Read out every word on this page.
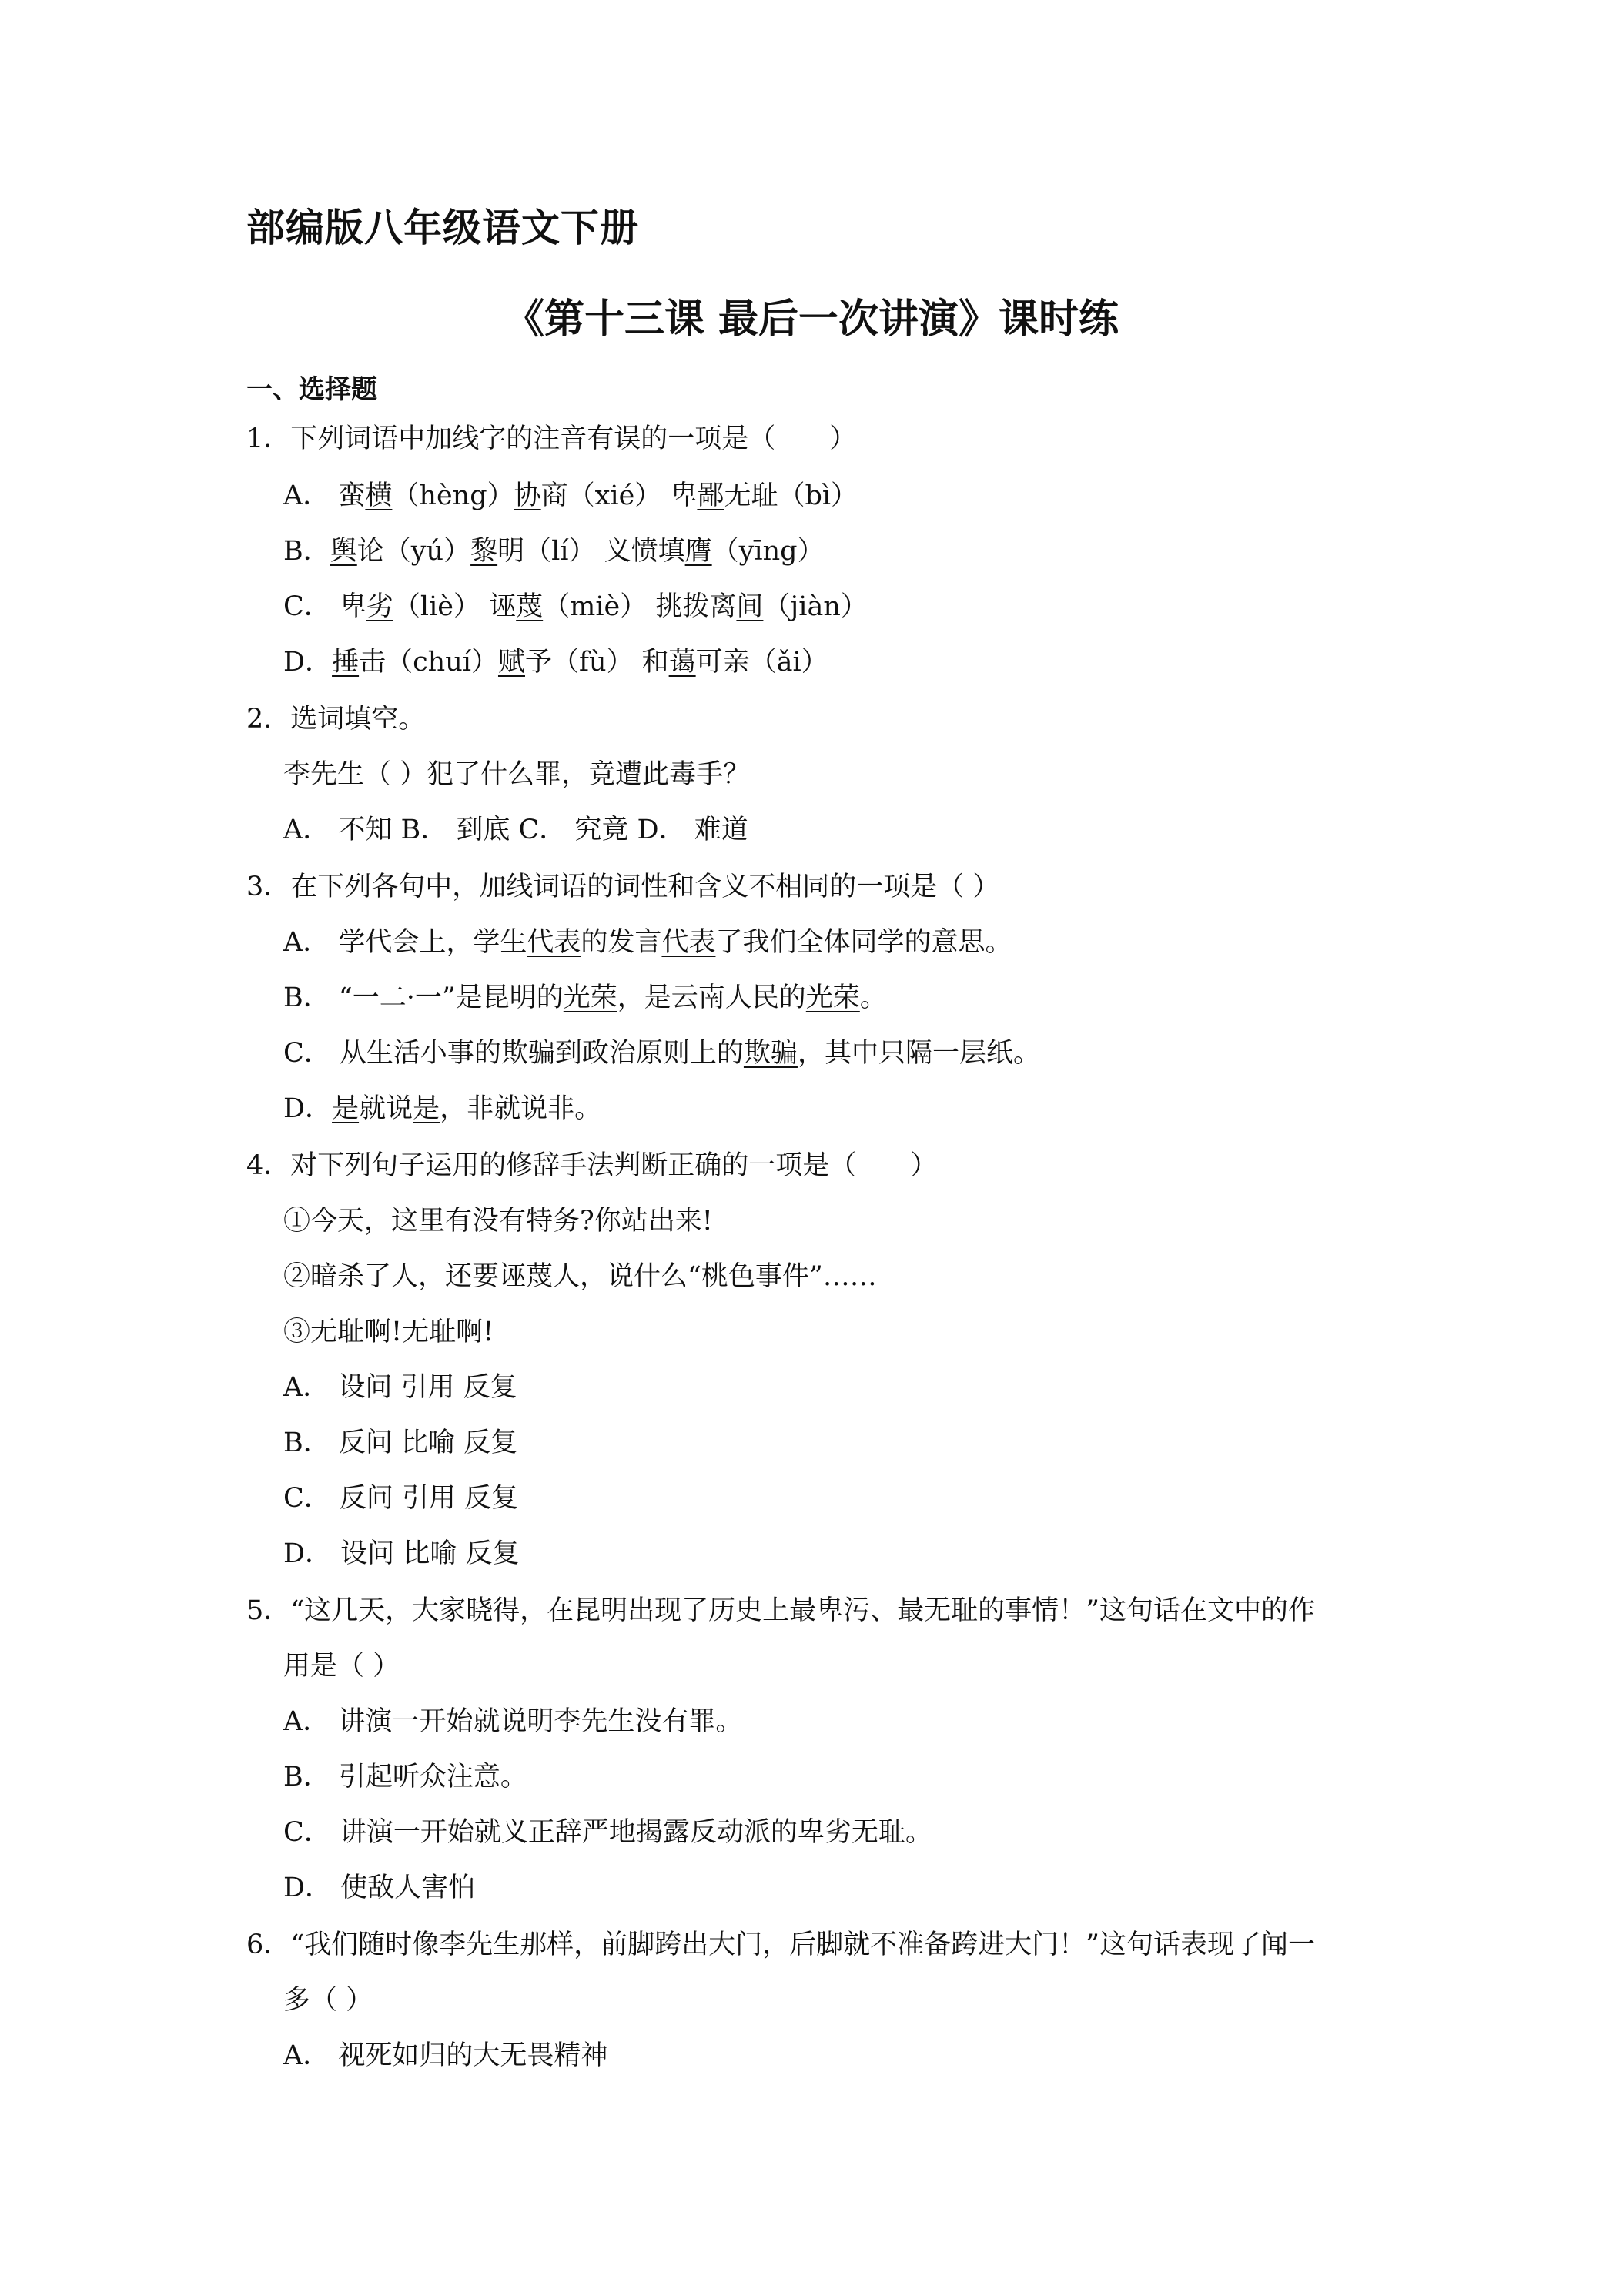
部编版八年级语文下册
《第十三课 最后一次讲演》课时练
一、选择题
1．下列词语中加线字的注音有误的一项是（　　）
A． 蛮横（hèng）协商（xié） 卑鄙无耻（bì）
B．舆论（yú）黎明（lí） 义愤填膺（yīng）
C． 卑劣（liè） 诬蔑（miè） 挑拨离间（jiàn）
D．捶击（chuí）赋予（fù） 和蔼可亲（ǎi）
2．选词填空。
李先生（ ）犯了什么罪，竟遭此毒手？
A． 不知 B． 到底 C． 究竟 D． 难道
3．在下列各句中，加线词语的词性和含义不相同的一项是（ ）
A． 学代会上，学生代表的发言代表了我们全体同学的意思。
B． “一二·一”是昆明的光荣，是云南人民的光荣。
C． 从生活小事的欺骗到政治原则上的欺骗，其中只隔一层纸。
D．是就说是，非就说非。
4．对下列句子运用的修辞手法判断正确的一项是（　　）
①今天，这里有没有特务?你站出来!
②暗杀了人，还要诬蔑人，说什么“桃色事件”……
③无耻啊!无耻啊!
A． 设问 引用 反复
B． 反问 比喻 反复
C． 反问 引用 反复
D． 设问 比喻 反复
5．“这几天，大家晓得，在昆明出现了历史上最卑污、最无耻的事情！”这句话在文中的作
用是（ ）
A． 讲演一开始就说明李先生没有罪。
B． 引起听众注意。
C． 讲演一开始就义正辞严地揭露反动派的卑劣无耻。
D． 使敌人害怕
6．“我们随时像李先生那样，前脚跨出大门，后脚就不准备跨进大门！”这句话表现了闻一
多（ ）
A． 视死如归的大无畏精神
